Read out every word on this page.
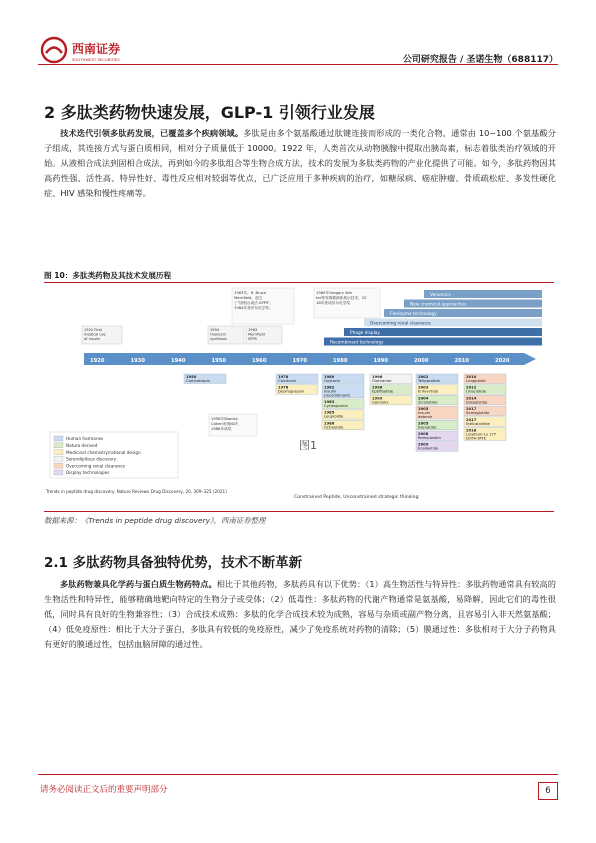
西南证券
SOUTHWEST SECURITIES	公司研究报告 / 圣诺生物（688117）
2 多肽类药物快速发展，GLP-1 引领行业发展
技术迭代引领多肽药发展，已覆盖多个疾病领域。多肽是由多个氨基酸通过肽键连接而形成的一类化合物，通常由 10~100 个氨基酸分子组成，其连接方式与蛋白质相同，相对分子质量低于 10000。1922 年，人类首次从动物胰腺中提取出胰岛素，标志着肽类治疗领域的开始。从液相合成法到固相合成法，再到如今的多肽组合等生物合成方法，技术的发展为多肽类药物的产业化提供了可能。如今，多肽药物因其高药性强、活性高、特异性好、毒性反应相对较弱等优点，已广泛应用于多种疾病的治疗，如糖尿病、癌症肿瘤、骨质疏松症、多发性硬化症、HIV 感染和慢性疼痛等。
图 10：多肽类药物及其技术发展历程
Venomics
New chemical approaches
Flexizyme technology
Overcoming renal clearance
Phage display
Recombinant technology
1922 First
medical use
of insulin
1954
Oxytocin
synthesis
1963
Merrifield
SPPS
1963年，R. Bruce
Merrifield，创立
了"固相合成法-SPPS"，
1984年获贝尔化学奖；
1985年Gregory Win
ter等发明噬菌体展示技术，20
18年获诺贝尔化学奖
1956年Stanley
Cohen发现NGF，
1986年诺奖
1920	1930	1940	1950	1960	1970	1980	1990	2000	2010	2020
1950
Corticotropin
1978
Calcitonin
1978
Desmopressin
1980
Oxytocin
1982
Insulin
(recombinant)
1983
Cyclosporine
1985
Leuprolide
1986
Octreotide
1996
Glatiramer
1998
Eptifibatide
1999
Ganirelix
2002
Teriparatide
2003
Enfuvirtide
2004
Ziconotide
2005
Insulin
detemir
2005
Exenatide
2008
Romiplostim
2009
Ecallantide
2010
Liraglutide
2012
Linaclotide
2014
Dulaglutide
2017
Semaglutide
2017
Etelcalcetide
2018
Lutetium Lu 177
DOTA-TATE
Human hormones
Nature derived
Medicinal chemistry/rational design
Serendipitous discovery
Overcoming renal clearance
Display technologies
图1
Trends in peptide drug discovery. Nature Reviews Drug Discovery, 20, 309–325 (2021)
Constrained Peptide, Unconstrained strategic thinking
数据来源：《Trends in peptide drug discovery》，西南证券整理
2.1 多肽药物具备独特优势，技术不断革新
多肽药物兼具化学药与蛋白质生物药特点。相比于其他药物，多肽药具有以下优势：（1）高生物活性与特异性：多肽药物通常具有较高的生物活性和特异性，能够精确地靶向特定的生物分子或受体；（2）低毒性：多肽药物的代谢产物通常是氨基酸，易降解，因此它们的毒性很低，同时具有良好的生物兼容性；（3）合成技术成熟：多肽的化学合成技术较为成熟，容易与杂质或副产物分离，且容易引入非天然氨基酸；（4）低免疫原性：相比于大分子蛋白，多肽具有较低的免疫原性，减少了免疫系统对药物的清除；（5）膜通过性：多肽相对于大分子药物具有更好的膜通过性，包括血脑屏障的通过性。
请务必阅读正文后的重要声明部分	6
